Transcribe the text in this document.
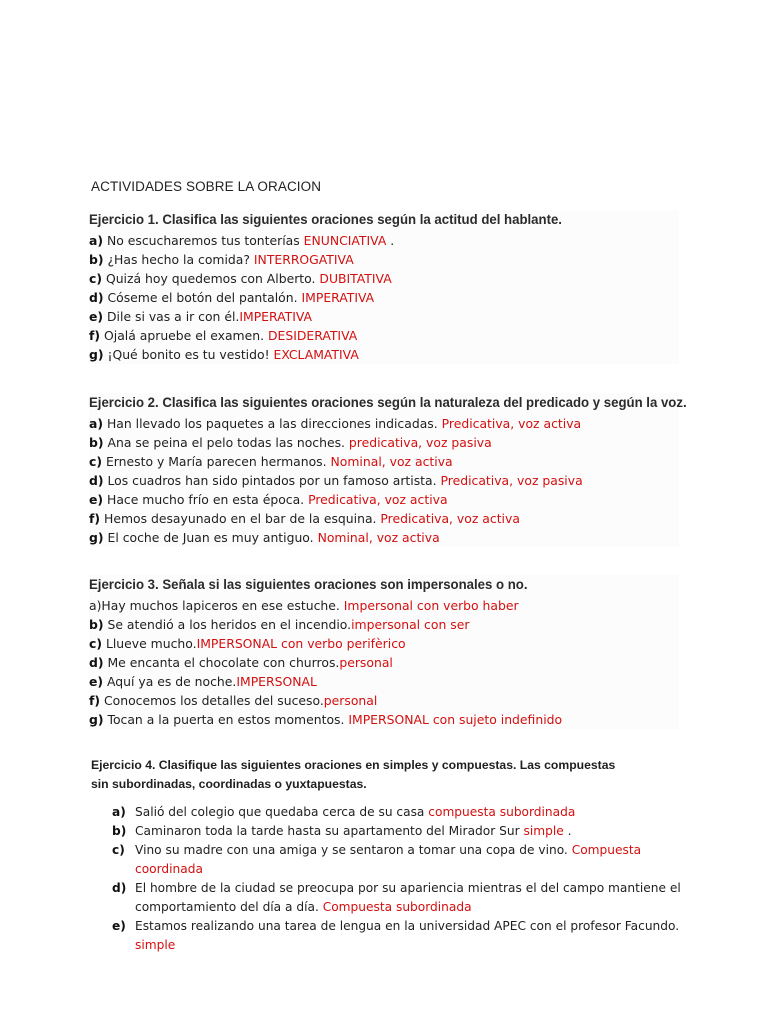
ACTIVIDADES SOBRE LA ORACION
Ejercicio 1. Clasifica las siguientes oraciones según la actitud del hablante.
a) No escucharemos tus tonterías ENUNCIATIVA .
b) ¿Has hecho la comida? INTERROGATIVA
c) Quizá hoy quedemos con Alberto. DUBITATIVA
d) Cóseme el botón del pantalón. IMPERATIVA
e) Dile si vas a ir con él.IMPERATIVA
f) Ojalá apruebe el examen. DESIDERATIVA
g) ¡Qué bonito es tu vestido! EXCLAMATIVA
Ejercicio 2. Clasifica las siguientes oraciones según la naturaleza del predicado y según la voz.
a) Han llevado los paquetes a las direcciones indicadas. Predicativa, voz activa
b) Ana se peina el pelo todas las noches. predicativa, voz pasiva
c) Ernesto y María parecen hermanos. Nominal, voz activa
d) Los cuadros han sido pintados por un famoso artista. Predicativa, voz pasiva
e) Hace mucho frío en esta época. Predicativa, voz activa
f) Hemos desayunado en el bar de la esquina. Predicativa, voz activa
g) El coche de Juan es muy antiguo. Nominal, voz activa
Ejercicio 3. Señala si las siguientes oraciones son impersonales o no.
a)Hay muchos lapiceros en ese estuche. Impersonal con verbo haber
b) Se atendió a los heridos en el incendio.impersonal con ser
c) Llueve mucho.IMPERSONAL con verbo perifèrico
d) Me encanta el chocolate con churros.personal
e) Aquí ya es de noche.IMPERSONAL
f) Conocemos los detalles del suceso.personal
g) Tocan a la puerta en estos momentos. IMPERSONAL con sujeto indefinido
Ejercicio 4. Clasifique las siguientes oraciones en simples y compuestas. Las compuestas sin subordinadas, coordinadas o yuxtapuestas.
a) Salió del colegio que quedaba cerca de su casa compuesta subordinada
b) Caminaron toda la tarde hasta su apartamento del Mirador Sur simple .
c) Vino su madre con una amiga y se sentaron a tomar una copa de vino. Compuesta coordinada
d) El hombre de la ciudad se preocupa por su apariencia mientras el del campo mantiene el comportamiento del día a día. Compuesta subordinada
e) Estamos realizando una tarea de lengua en la universidad APEC con el profesor Facundo. simple
